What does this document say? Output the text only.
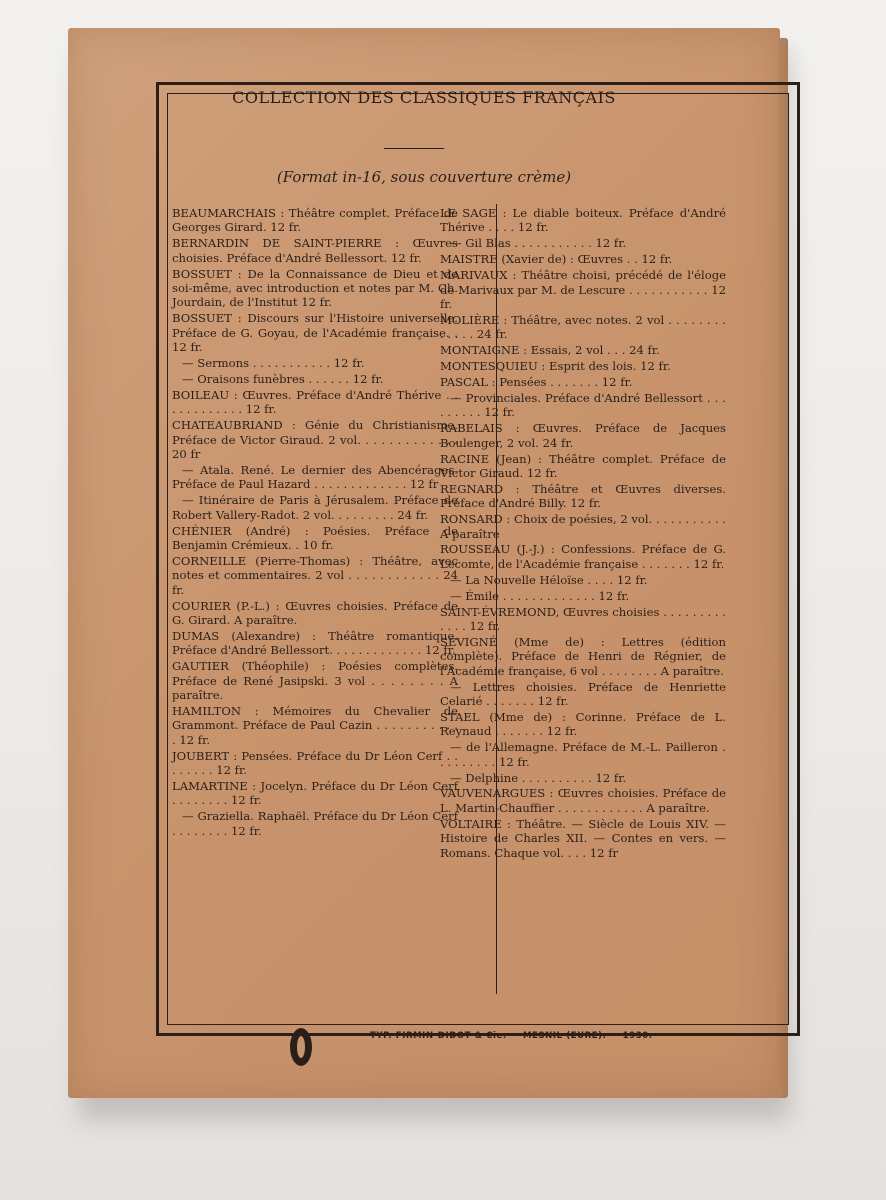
COLLECTION DES CLASSIQUES FRANÇAIS
(Format in-16, sous couverture crème)

BEAUMARCHAIS : Théâtre complet. Préface de Georges Girard. 12 fr.

BERNARDIN DE SAINT-PIERRE : Œuvres choisies. Préface d'André Bellessort. 12 fr.

BOSSUET : De la Connaissance de Dieu et de soi-même, avec introduction et notes par M. Ch. Jourdain, de l'Institut 12 fr.

BOSSUET : Discours sur l'Histoire universelle. Préface de G. Goyau, de l'Académie française. . 12 fr.

— Sermons . . . . . . . . . . . 12 fr.

— Oraisons funèbres . . . . . . 12 fr.

BOILEAU : Œuvres. Préface d'André Thérive . . . . . . . . . . . . 12 fr.

CHATEAUBRIAND : Génie du Christianisme. Préface de Victor Giraud. 2 vol. . . . . . . . . . . . . 20 fr

— Atala. René. Le dernier des Abencérages. Préface de Paul Hazard . . . . . . . . . . . . . 12 fr

— Itinéraire de Paris à Jérusalem. Préface de Robert Vallery-Radot. 2 vol. . . . . . . . . 24 fr.

CHÉNIER (André) : Poésies. Préface de Benjamin Crémieux. . 10 fr.

CORNEILLE (Pierre-Thomas) : Théâtre, avec notes et commentaires. 2 vol . . . . . . . . . . . . 24 fr.

COURIER (P.-L.) : Œuvres choisies. Préface de G. Girard. A paraître.

DUMAS (Alexandre) : Théâtre romantique. Préface d'André Bellessort. . . . . . . . . . . . . 12 fr.

GAUTIER (Théophile) : Poésies complètes. Préface de René Jasipski. 3 vol . . . . . . . . A paraître.

HAMILTON : Mémoires du Chevalier de Grammont. Préface de Paul Cazin . . . . . . . . . . . . 12 fr.

JOUBERT : Pensées. Préface du Dr Léon Cerf . . . . . . . . 12 fr.

LAMARTINE : Jocelyn. Préface du Dr Léon Cerf . . . . . . . . 12 fr.

— Graziella. Raphaël. Préface du Dr Léon Cerf . . . . . . . . 12 fr.

LE SAGE : Le diable boiteux. Préface d'André Thérive . . . . 12 fr.

— Gil Blas . . . . . . . . . . . 12 fr.

MAISTRE (Xavier de) : Œuvres . . 12 fr.

MARIVAUX : Théâtre choisi, précédé de l'éloge de Marivaux par M. de Lescure . . . . . . . . . . . 12 fr.

MOLIÈRE : Théâtre, avec notes. 2 vol . . . . . . . . . . . . . 24 fr.

MONTAIGNE : Essais, 2 vol . . . 24 fr.

MONTESQUIEU : Esprit des lois. 12 fr.

PASCAL : Pensées . . . . . . . 12 fr.

— Provinciales. Préface d'André Bellessort . . . . . . . . . 12 fr.

RABELAIS : Œuvres. Préface de Jacques Boulenger, 2 vol. 24 fr.

RACINE (Jean) : Théâtre complet. Préface de Victor Giraud. 12 fr.

REGNARD : Théâtre et Œuvres diverses. Préface d'André Billy. 12 fr.

RONSARD : Choix de poésies, 2 vol. . . . . . . . . . . A paraître

ROUSSEAU (J.-J.) : Confessions. Préface de G. Lecomte, de l'Académie française . . . . . . . 12 fr.

— La Nouvelle Héloïse . . . . 12 fr.

— Émile . . . . . . . . . . . . . 12 fr.

SAINT-ÉVREMOND, Œuvres choisies . . . . . . . . . . . . . 12 fr.

SÉVIGNÉ (Mme de) : Lettres (édition complète). Préface de Henri de Régnier, de l'Académie française, 6 vol . . . . . . . . A paraître.

— Lettres choisies. Préface de Henriette Celarié . . . . . . . 12 fr.

STAEL (Mme de) : Corinne. Préface de L. Reynaud . . . . . . . 12 fr.

— de l'Allemagne. Préface de M.-L. Pailleron . . . . . . . . . 12 fr.

— Delphine . . . . . . . . . . 12 fr.

VAUVENARGUES : Œuvres choisies. Préface de L. Martin-Chauffier . . . . . . . . . . . . A paraître.

VOLTAIRE : Théâtre. — Siècle de Louis XIV. — Histoire de Charles XII. — Contes en vers. — Romans. Chaque vol. . . . 12 fr

TYP. FIRMIN-DIDOT & Cie. — MESNIL (EURE). — 1930.
